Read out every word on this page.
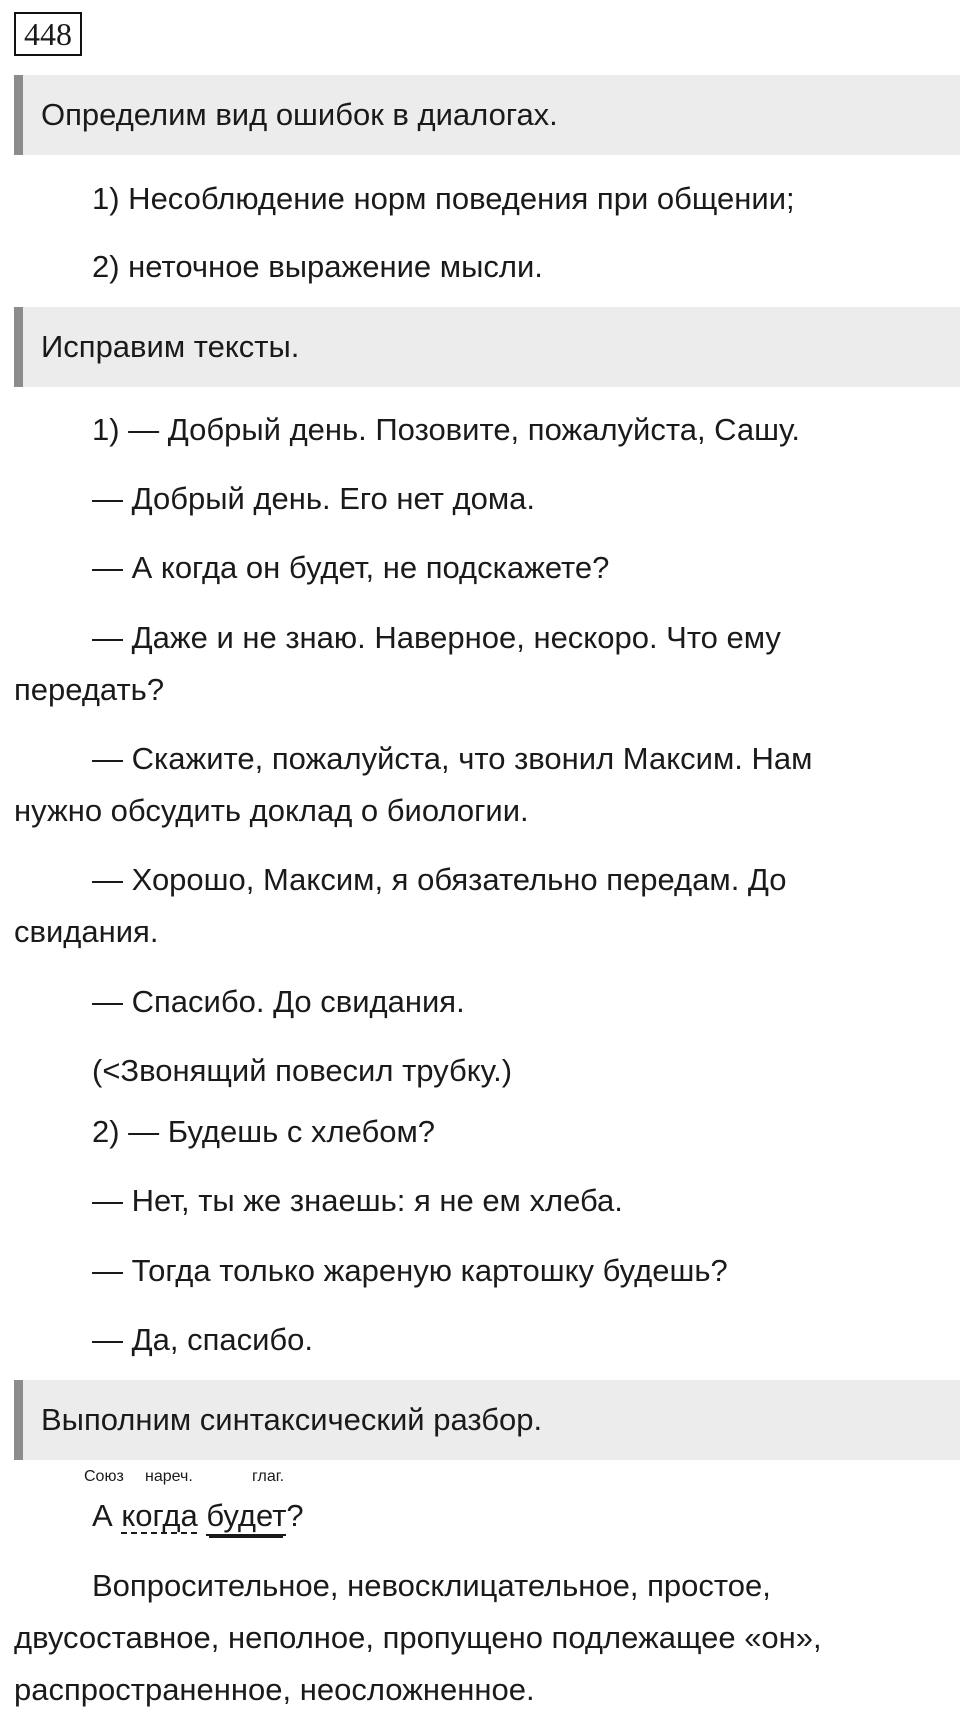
448
Определим вид ошибок в диалогах.
1) Несоблюдение норм поведения при общении;
2) неточное выражение мысли.
Исправим тексты.
1) — Добрый день. Позовите, пожалуйста, Сашу.
— Добрый день. Его нет дома.
— А когда он будет, не подскажете?
— Даже и не знаю. Наверное, нескоро. Что ему
передать?
— Скажите, пожалуйста, что звонил Максим. Нам
нужно обсудить доклад о биологии.
— Хорошо, Максим, я обязательно передам. До
свидания.
— Спасибо. До свидания.
(<Звонящий повесил трубку.)
2) — Будешь с хлебом?
— Нет, ты же знаешь: я не ем хлеба.
— Тогда только жареную картошку будешь?
— Да, спасибо.
Выполним синтаксический разбор.
Союз нареч.	глаг.
А когда будет?
Вопросительное, невосклицательное, простое,
двусоставное, неполное, пропущено подлежащее «он»,
распространенное, неосложненное.
